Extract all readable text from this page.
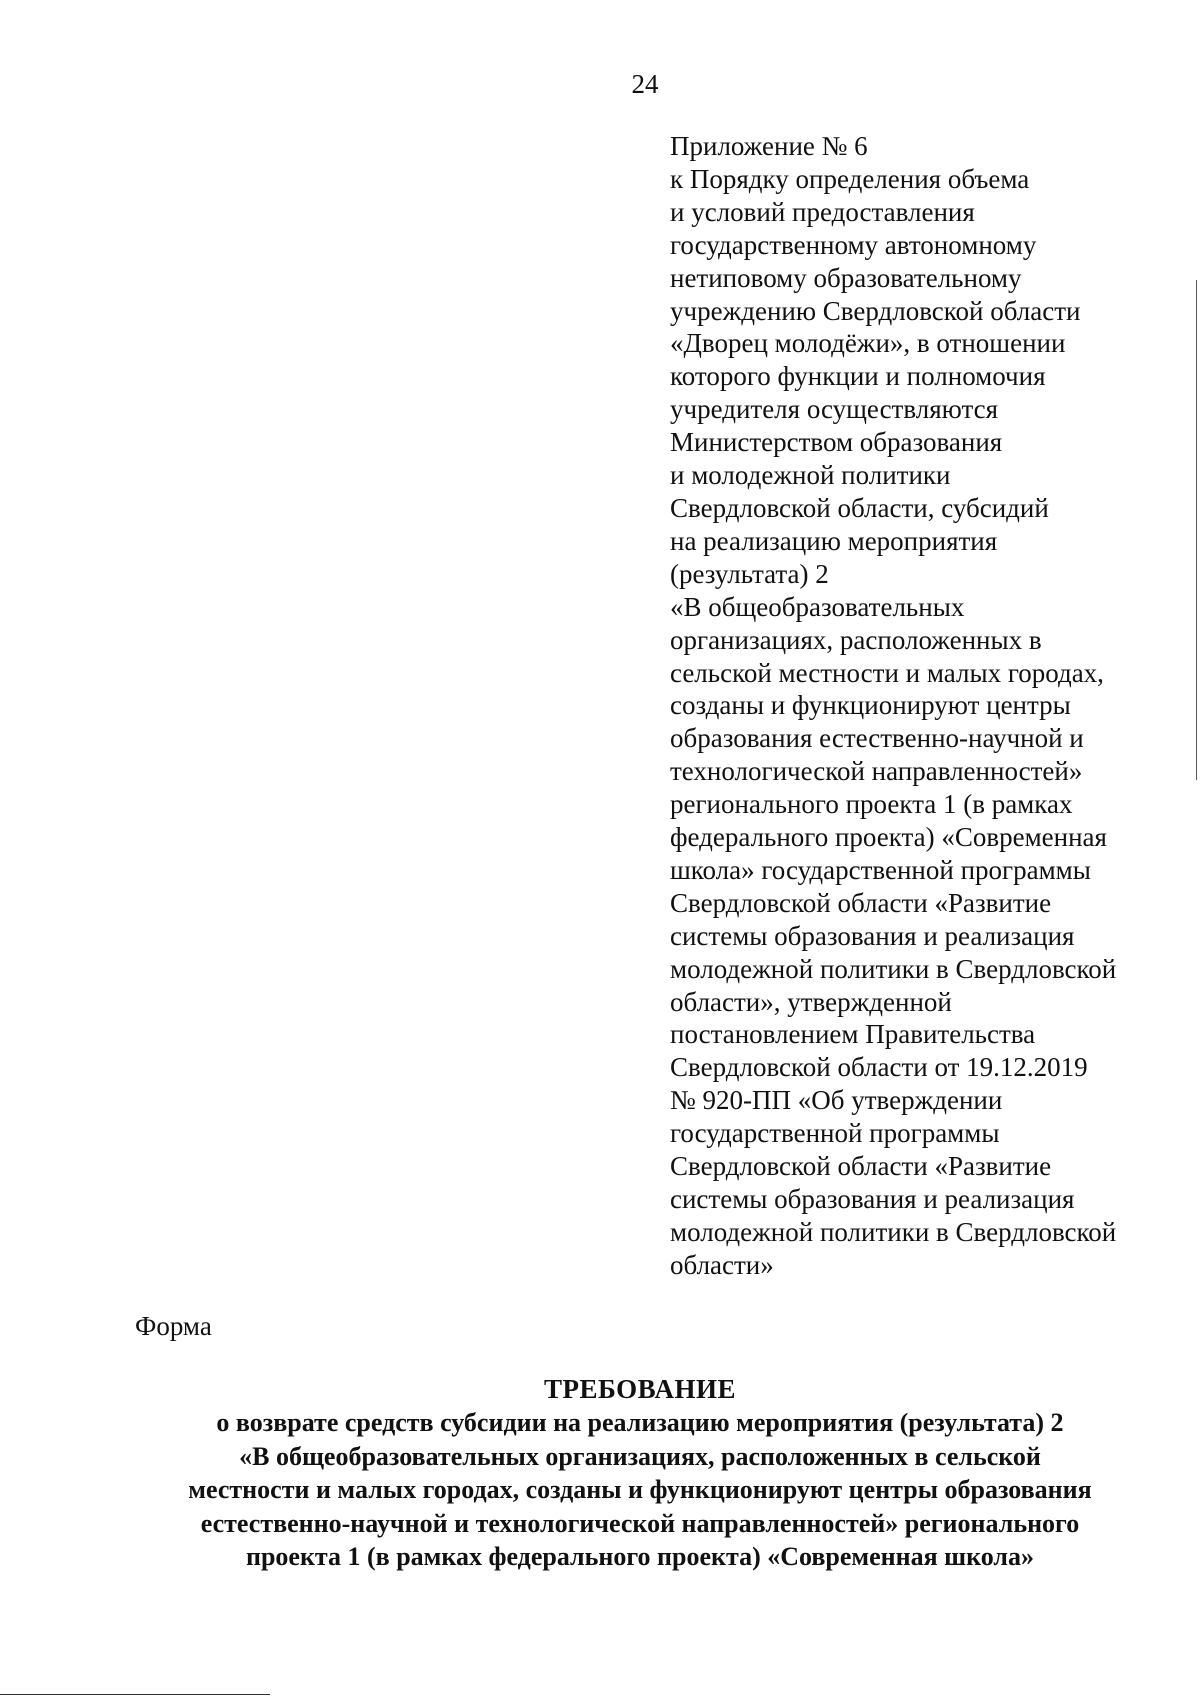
24
Приложение № 6
к Порядку определения объема
и условий предоставления
государственному автономному
нетиповому образовательному
учреждению Свердловской области
«Дворец молодёжи», в отношении
которого функции и полномочия
учредителя осуществляются
Министерством образования
и молодежной политики
Свердловской области, субсидий
на реализацию мероприятия
(результата) 2
«В общеобразовательных
организациях, расположенных в
сельской местности и малых городах,
созданы и функционируют центры
образования естественно-научной и
технологической направленностей»
регионального проекта 1 (в рамках
федерального проекта) «Современная
школа» государственной программы
Свердловской области «Развитие
системы образования и реализация
молодежной политики в Свердловской
области», утвержденной
постановлением Правительства
Свердловской области от 19.12.2019
№ 920-ПП «Об утверждении
государственной программы
Свердловской области «Развитие
системы образования и реализация
молодежной политики в Свердловской
области»
Форма
ТРЕБОВАНИЕ
о возврате средств субсидии на реализацию мероприятия (результата) 2
«В общеобразовательных организациях, расположенных в сельской
местности и малых городах, созданы и функционируют центры образования
естественно-научной и технологической направленностей» регионального
проекта 1 (в рамках федерального проекта) «Современная школа»
